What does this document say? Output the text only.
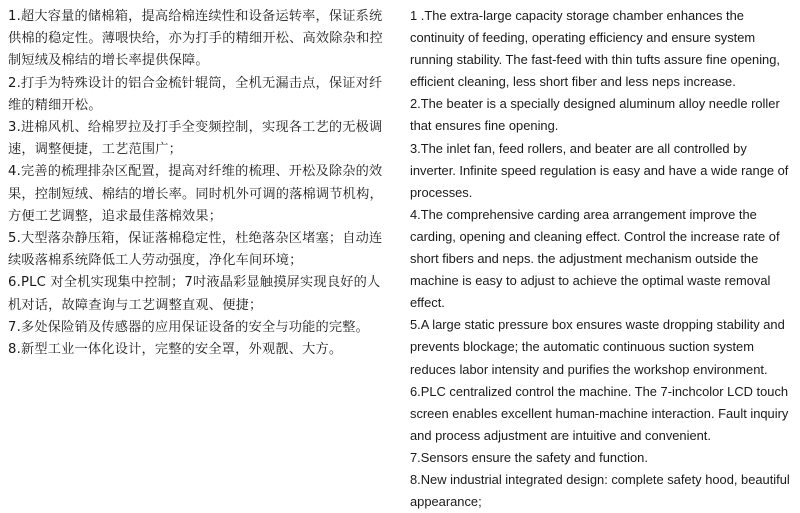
1.超大容量的储棉箱，提高给棉连续性和设备运转率，保证系统供棉的稳定性。薄喂快给，亦为打手的精细开松、高效除杂和控制短绒及棉结的增长率提供保障。

2.打手为特殊设计的铝合金梳针辊筒，全机无漏击点，保证对纤维的精细开松。

3.进棉风机、给棉罗拉及打手全变频控制，实现各工艺的无极调速，调整便捷，工艺范围广；

4.完善的梳理排杂区配置，提高对纤维的梳理、开松及除杂的效果，控制短绒、棉结的增长率。同时机外可调的落棉调节机构，方便工艺调整，追求最佳落棉效果；

5.大型落杂静压箱，保证落棉稳定性，杜绝落杂区堵塞；自动连续吸落棉系统降低工人劳动强度，净化车间环境；

6.PLC 对全机实现集中控制；7吋液晶彩显触摸屏实现良好的人机对话，故障查询与工艺调整直观、便捷；

7.多处保险销及传感器的应用保证设备的安全与功能的完整。

8.新型工业一体化设计，完整的安全罩，外观靓、大方。

1 .The extra-large capacity storage chamber enhances the continuity of feeding, operating efficiency and ensure system running stability. The fast-feed with thin tufts assure fine opening, efficient cleaning, less short fiber and less neps increase.

2.The beater is a specially designed aluminum alloy needle roller that ensures fine opening.

3.The inlet fan, feed rollers, and beater are all controlled by inverter. Infinite speed regulation is easy and have a wide range of processes.

4.The comprehensive carding area arrangement improve the carding, opening and cleaning effect. Control the increase rate of short fibers and neps. the adjustment mechanism outside the machine is easy to adjust to achieve the optimal waste removal effect.

5.A large static pressure box ensures waste dropping stability and prevents blockage; the automatic continuous suction system reduces labor intensity and purifies the workshop environment.

6.PLC centralized control the machine. The 7-inchcolor LCD touch screen enables excellent human-machine interaction. Fault inquiry and process adjustment are intuitive and convenient.

7.Sensors ensure the safety and function.

8.New industrial integrated design: complete safety hood, beautiful appearance;
